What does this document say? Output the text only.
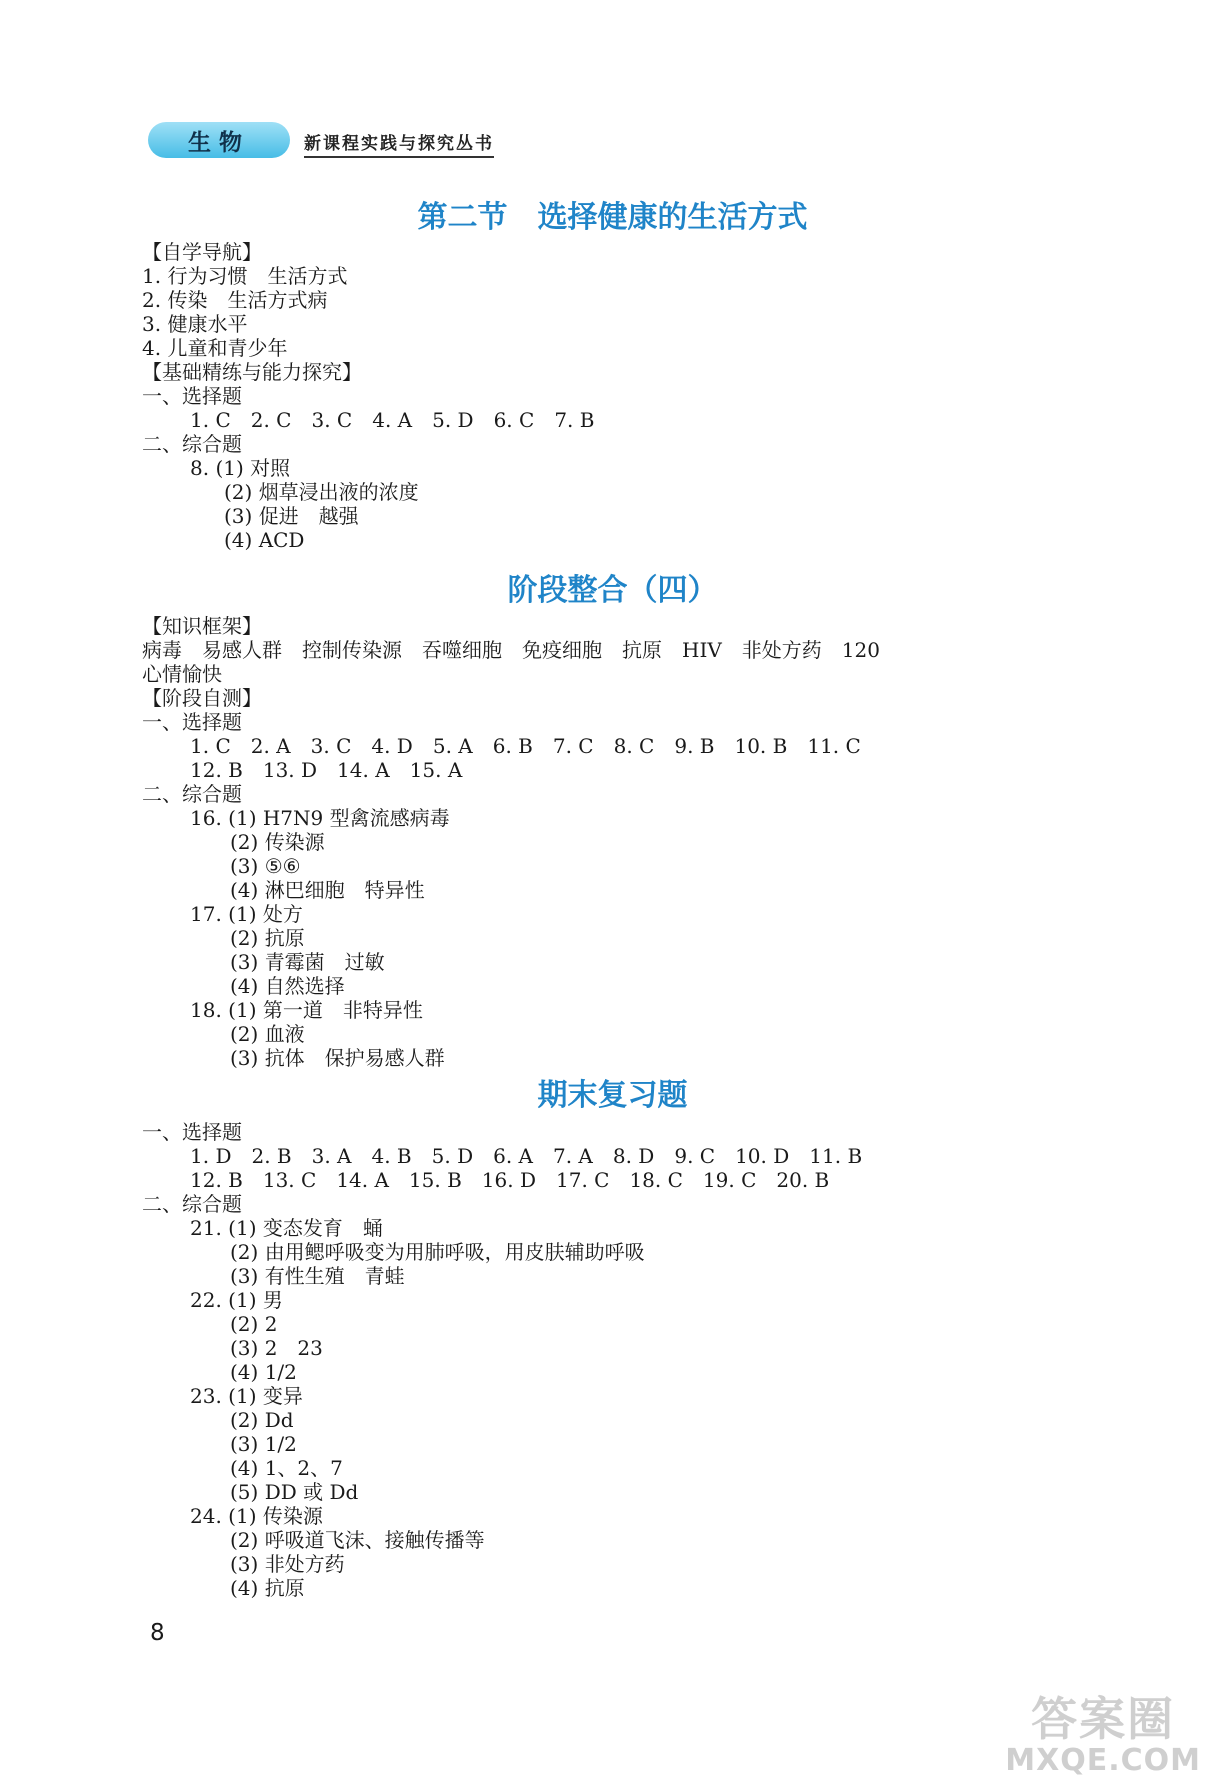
生物	新课程实践与探究丛书
第二节　选择健康的生活方式
【自学导航】
1. 行为习惯　生活方式
2. 传染　生活方式病
3. 健康水平
4. 儿童和青少年
【基础精练与能力探究】
一、选择题
1. C　2. C　3. C　4. A　5. D　6. C　7. B
二、综合题
8. (1) 对照
(2) 烟草浸出液的浓度
(3) 促进　越强
(4) ACD
阶段整合（四）
【知识框架】
病毒　易感人群　控制传染源　吞噬细胞　免疫细胞　抗原　HIV　非处方药　120
心情愉快
【阶段自测】
一、选择题
1. C　2. A　3. C　4. D　5. A　6. B　7. C　8. C　9. B　10. B　11. C
12. B　13. D　14. A　15. A
二、综合题
16. (1) H7N9 型禽流感病毒
(2) 传染源
(3) ⑤⑥
(4) 淋巴细胞　特异性
17. (1) 处方
(2) 抗原
(3) 青霉菌　过敏
(4) 自然选择
18. (1) 第一道　非特异性
(2) 血液
(3) 抗体　保护易感人群
期末复习题
一、选择题
1. D　2. B　3. A　4. B　5. D　6. A　7. A　8. D　9. C　10. D　11. B
12. B　13. C　14. A　15. B　16. D　17. C　18. C　19. C　20. B
二、综合题
21. (1) 变态发育　蛹
(2) 由用鳃呼吸变为用肺呼吸，用皮肤辅助呼吸
(3) 有性生殖　青蛙
22. (1) 男
(2) 2
(3) 2　23
(4) 1/2
23. (1) 变异
(2) Dd
(3) 1/2
(4) 1、2、7
(5) DD 或 Dd
24. (1) 传染源
(2) 呼吸道飞沫、接触传播等
(3) 非处方药
(4) 抗原
8
答案圈
MXQE.COM
